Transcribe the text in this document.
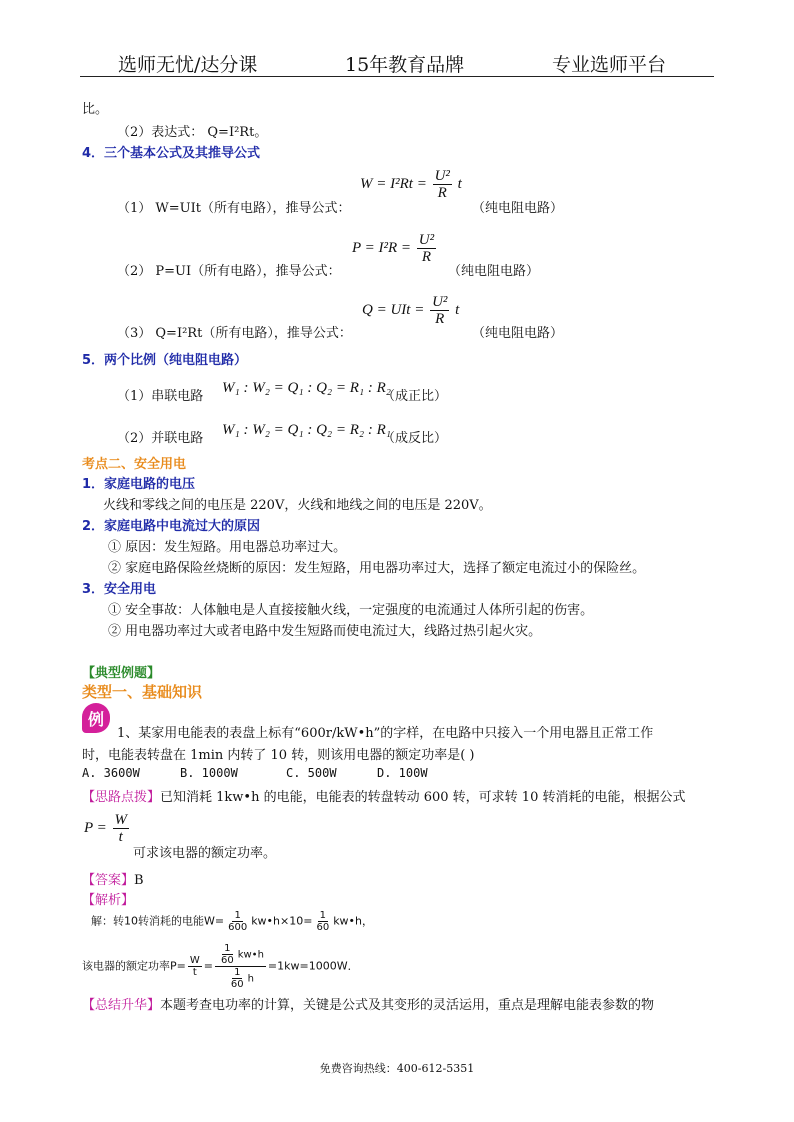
选师无忧/达分课	15年教育品牌	专业选师平台
比。
（2）表达式： Q=I²Rt。
4．三个基本公式及其推导公式
（1） W=UIt（所有电路），推导公式：
$W = I^2Rt = \frac{\text{U²}}{R}$ t
（纯电阻电路）
（2） P=UI（所有电路），推导公式：
$P = I^2R = \frac{\text{U²}}{R}$
（纯电阻电路）
（3） Q=I²Rt（所有电路），推导公式：
Q = UIt = $\frac{\text{U²}}{R}$ t
（纯电阻电路）
5．两个比例（纯电阻电路）
（1）串联电路
W₁ : W₂ = Q₁ : Q₂ = R₁ : R₂
（成正比）
（2）并联电路
W₁ : W₂ = Q₁ : Q₂ = R₂ : R₁
（成反比）
考点二、安全用电
1．家庭电路的电压
火线和零线之间的电压是 220V，火线和地线之间的电压是 220V。
2．家庭电路中电流过大的原因
① 原因：发生短路。用电器总功率过大。
② 家庭电路保险丝烧断的原因：发生短路，用电器功率过大，选择了额定电流过小的保险丝。
3．安全用电
① 安全事故：人体触电是人直接接触火线，一定强度的电流通过人体所引起的伤害。
② 用电器功率过大或者电路中发生短路而使电流过大，线路过热引起火灾。
【典型例题】
类型一、基础知识
例
1、某家用电能表的表盘上标有“600r/kW•h”的字样，在电路中只接入一个用电器且正常工作
时，电能表转盘在 1min 内转了 10 转，则该用电器的额定功率是( )
A. 3600W	B. 1000W	C. 500W	D. 100W
【思路点拨】已知消耗 1kw•h 的电能，电能表的转盘转动 600 转，可求转 10 转消耗的电能，根据公式
$P = \frac{W}{t}$
可求该电器的额定功率。
【答案】B
【解析】
解：转10转消耗的电能$W= \frac{1}{600}$ kw•h×10= $\frac{1}{60}$ kw•h，
该电器的额定功率$P= \frac{W}{t} = \frac{\frac{1}{60} kw•h}{\frac{1}{60} h} =1kw=1000W$．
【总结升华】本题考查电功率的计算，关键是公式及其变形的灵活运用，重点是理解电能表参数的物
免费咨询热线：400-612-5351
